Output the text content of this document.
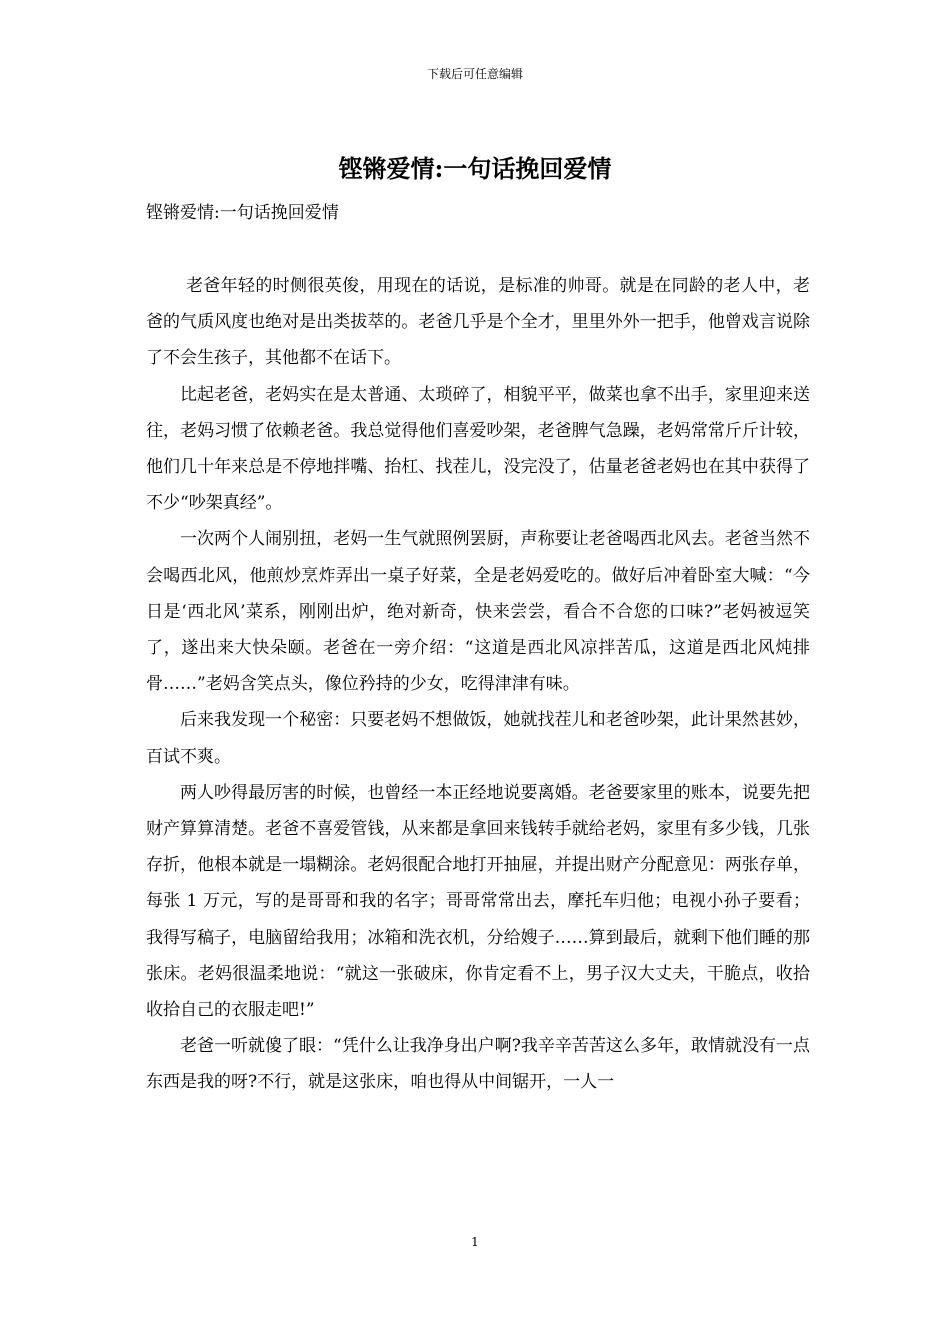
下载后可任意编辑
铿锵爱情:一句话挽回爱情
铿锵爱情:一句话挽回爱情

老爸年轻的时侧很英俊，用现在的话说，是标准的帅哥。就是在同龄的老人中，老爸的气质风度也绝对是出类拔萃的。老爸几乎是个全才，里里外外一把手，他曾戏言说除了不会生孩子，其他都不在话下。

比起老爸，老妈实在是太普通、太琐碎了，相貌平平，做菜也拿不出手，家里迎来送往，老妈习惯了依赖老爸。我总觉得他们喜爱吵架，老爸脾气急躁，老妈常常斤斤计较，他们几十年来总是不停地拌嘴、抬杠、找茬儿，没完没了，估量老爸老妈也在其中获得了不少“吵架真经”。

一次两个人闹别扭，老妈一生气就照例罢厨，声称要让老爸喝西北风去。老爸当然不会喝西北风，他煎炒烹炸弄出一桌子好菜，全是老妈爱吃的。做好后冲着卧室大喊：“今日是‘西北风’菜系，刚刚出炉，绝对新奇，快来尝尝，看合不合您的口味?”老妈被逗笑了，遂出来大快朵颐。老爸在一旁介绍：“这道是西北风凉拌苦瓜，这道是西北风炖排骨……”老妈含笑点头，像位矜持的少女，吃得津津有味。

后来我发现一个秘密：只要老妈不想做饭，她就找茬儿和老爸吵架，此计果然甚妙，百试不爽。

两人吵得最厉害的时候，也曾经一本正经地说要离婚。老爸要家里的账本，说要先把财产算算清楚。老爸不喜爱管钱，从来都是拿回来钱转手就给老妈，家里有多少钱，几张存折，他根本就是一塌糊涂。老妈很配合地打开抽屉，并提出财产分配意见：两张存单，每张 1 万元，写的是哥哥和我的名字；哥哥常常出去，摩托车归他；电视小孙子要看；我得写稿子，电脑留给我用；冰箱和洗衣机，分给嫂子……算到最后，就剩下他们睡的那张床。老妈很温柔地说：“就这一张破床，你肯定看不上，男子汉大丈夫，干脆点，收拾收拾自己的衣服走吧!”

老爸一听就傻了眼：“凭什么让我净身出户啊?我辛辛苦苦这么多年，敢情就没有一点东西是我的呀?不行，就是这张床，咱也得从中间锯开，一人一

1
